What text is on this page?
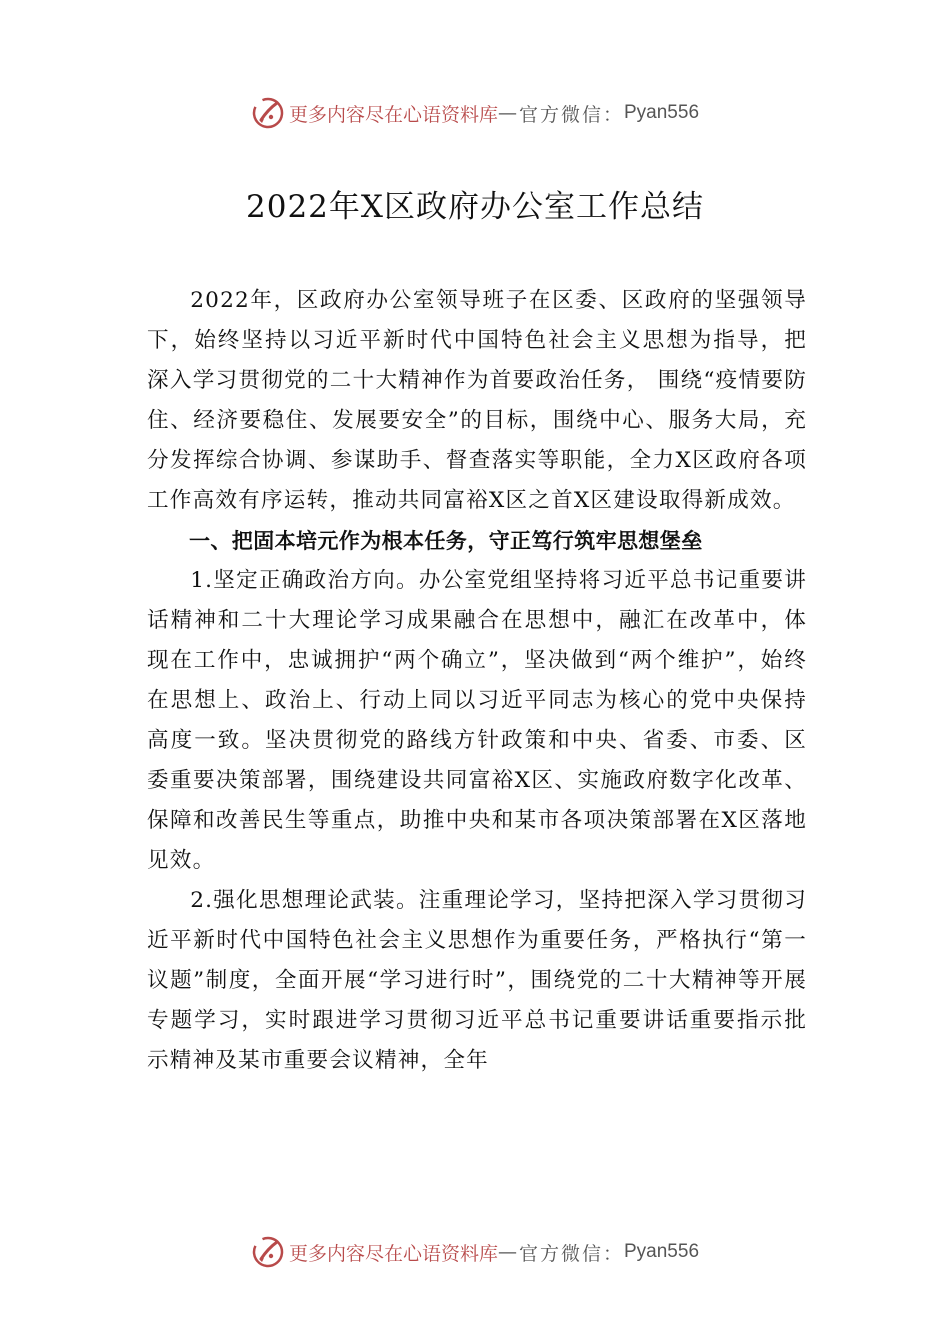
更多内容尽在心语资料库 — 官方微信： Pyan556
2022年X区政府办公室工作总结

2022年，区政府办公室领导班子在区委、区政府的坚强领导下，始终坚持以习近平新时代中国特色社会主义思想为指导，把深入学习贯彻党的二十大精神作为首要政治任务， 围绕“疫情要防住、经济要稳住、发展要安全”的目标，围绕中心、服务大局，充分发挥综合协调、参谋助手、督查落实等职能，全力X区政府各项工作高效有序运转，推动共同富裕X区之首X区建设取得新成效。

一、把固本培元作为根本任务，守正笃行筑牢思想堡垒

1.坚定正确政治方向。办公室党组坚持将习近平总书记重要讲话精神和二十大理论学习成果融合在思想中，融汇在改革中，体现在工作中，忠诚拥护“两个确立”，坚决做到“两个维护”，始终在思想上、政治上、行动上同以习近平同志为核心的党中央保持高度一致。坚决贯彻党的路线方针政策和中央、省委、市委、区委重要决策部署，围绕建设共同富裕X区、实施政府数字化改革、保障和改善民生等重点，助推中央和某市各项决策部署在X区落地见效。

2.强化思想理论武装。注重理论学习，坚持把深入学习贯彻习近平新时代中国特色社会主义思想作为重要任务，严格执行“第一议题”制度，全面开展“学习进行时”，围绕党的二十大精神等开展专题学习，实时跟进学习贯彻习近平总书记重要讲话重要指示批示精神及某市重要会议精神，全年

更多内容尽在心语资料库 — 官方微信： Pyan556
